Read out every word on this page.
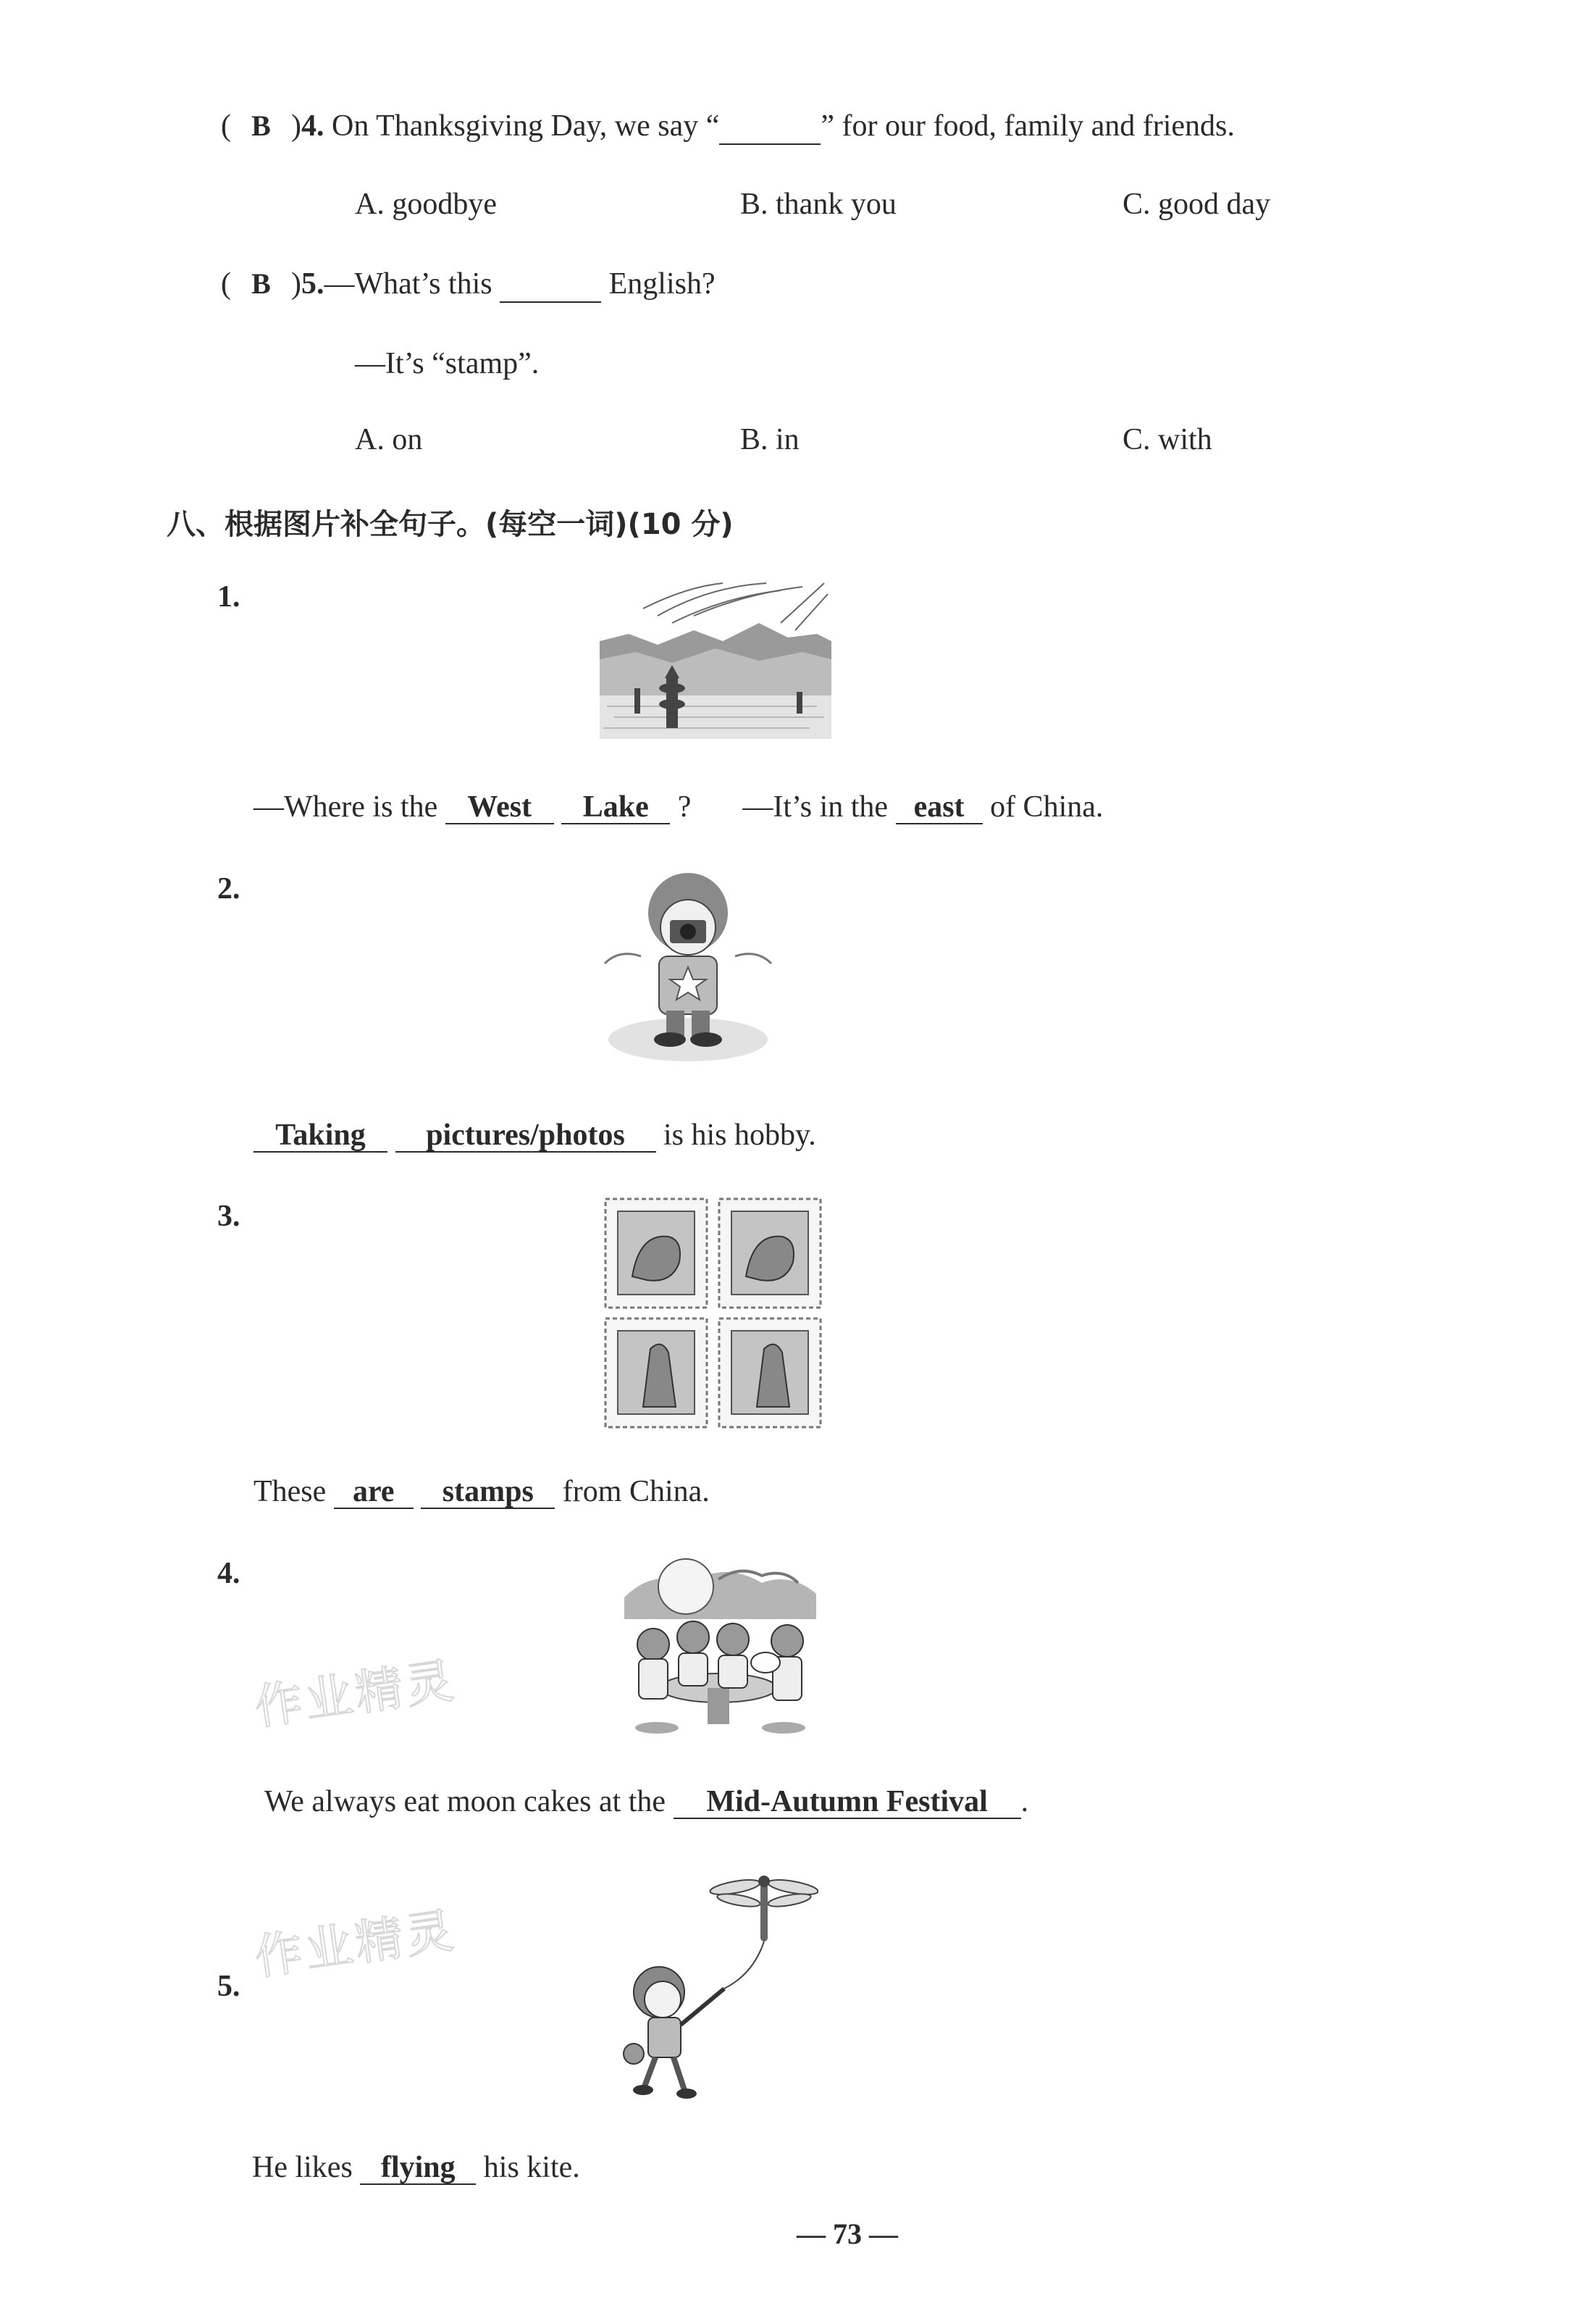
( B )4. On Thanksgiving Day, we say “	” for our food, family and friends.
A. goodbye	B. thank you	C. good day
( B )5.—What’s this	English?
—It’s “stamp”.
A. on	B. in	C. with
八、根据图片补全句子。(每空一词)(10 分)
1.
—Where is the West Lake ? —It’s in the east of China.
2.
Taking pictures/photos is his hobby.
3.
These are stamps from China.
4.
作业精灵
We always eat moon cakes at the Mid-Autumn Festival .
作业精灵
5.
He likes flying his kite.
— 73 —
